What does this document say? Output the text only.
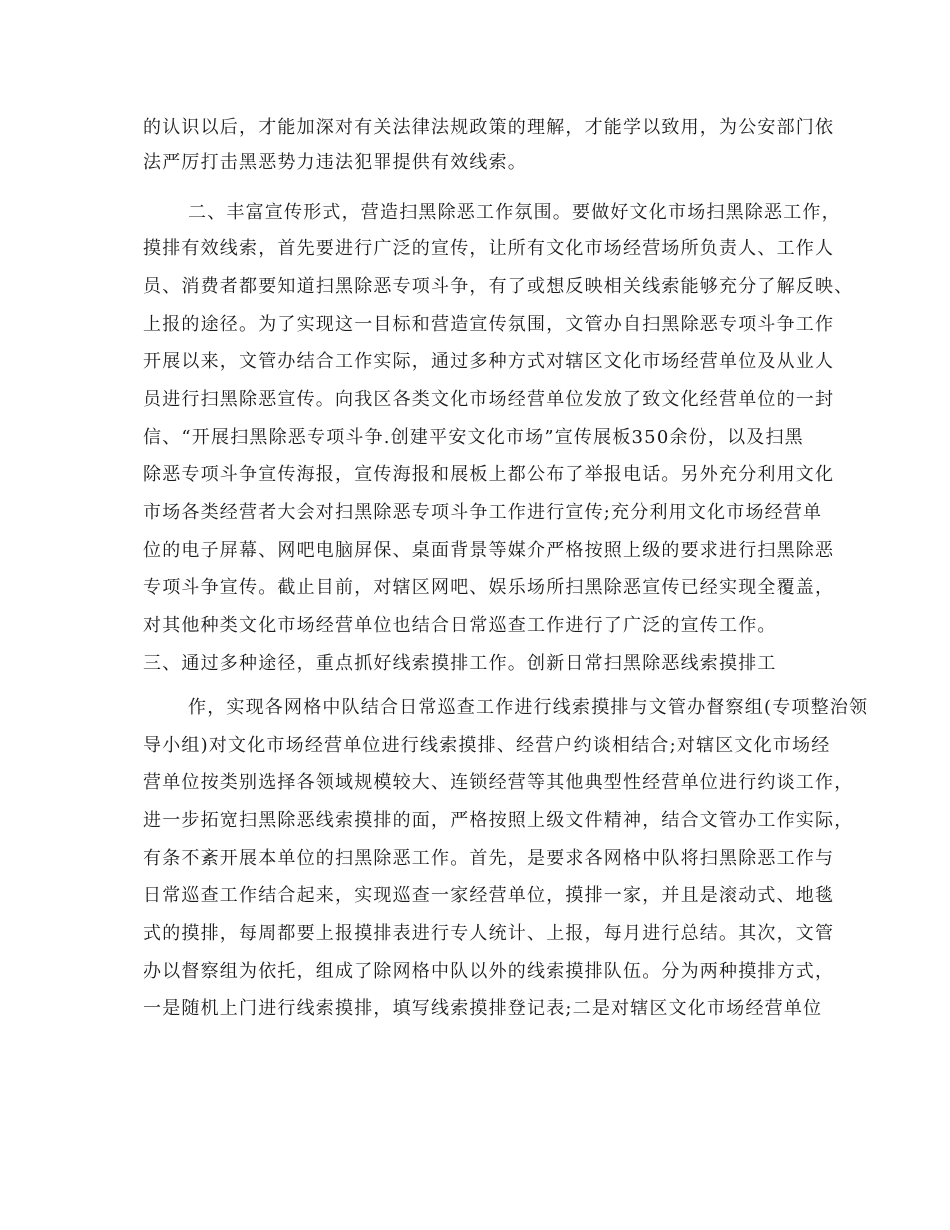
的认识以后，才能加深对有关法律法规政策的理解，才能学以致用，为公安部门依
法严厉打击黑恶势力违法犯罪提供有效线索。
二、丰富宣传形式，营造扫黑除恶工作氛围。要做好文化市场扫黑除恶工作，
摸排有效线索，首先要进行广泛的宣传，让所有文化市场经营场所负责人、工作人
员、消费者都要知道扫黑除恶专项斗争，有了或想反映相关线索能够充分了解反映、
上报的途径。为了实现这一目标和营造宣传氛围，文管办自扫黑除恶专项斗争工作
开展以来，文管办结合工作实际，通过多种方式对辖区文化市场经营单位及从业人
员进行扫黑除恶宣传。向我区各类文化市场经营单位发放了致文化经营单位的一封
信、“开展扫黑除恶专项斗争.创建平安文化市场”宣传展板350余份，以及扫黑
除恶专项斗争宣传海报，宣传海报和展板上都公布了举报电话。另外充分利用文化
市场各类经营者大会对扫黑除恶专项斗争工作进行宣传;充分利用文化市场经营单
位的电子屏幕、网吧电脑屏保、桌面背景等媒介严格按照上级的要求进行扫黑除恶
专项斗争宣传。截止目前，对辖区网吧、娱乐场所扫黑除恶宣传已经实现全覆盖，
对其他种类文化市场经营单位也结合日常巡查工作进行了广泛的宣传工作。
三、通过多种途径，重点抓好线索摸排工作。创新日常扫黑除恶线索摸排工
作，实现各网格中队结合日常巡查工作进行线索摸排与文管办督察组(专项整治领
导小组)对文化市场经营单位进行线索摸排、经营户约谈相结合;对辖区文化市场经
营单位按类别选择各领域规模较大、连锁经营等其他典型性经营单位进行约谈工作，
进一步拓宽扫黑除恶线索摸排的面，严格按照上级文件精神，结合文管办工作实际，
有条不紊开展本单位的扫黑除恶工作。首先，是要求各网格中队将扫黑除恶工作与
日常巡查工作结合起来，实现巡查一家经营单位，摸排一家，并且是滚动式、地毯
式的摸排，每周都要上报摸排表进行专人统计、上报，每月进行总结。其次，文管
办以督察组为依托，组成了除网格中队以外的线索摸排队伍。分为两种摸排方式，
一是随机上门进行线索摸排，填写线索摸排登记表;二是对辖区文化市场经营单位
